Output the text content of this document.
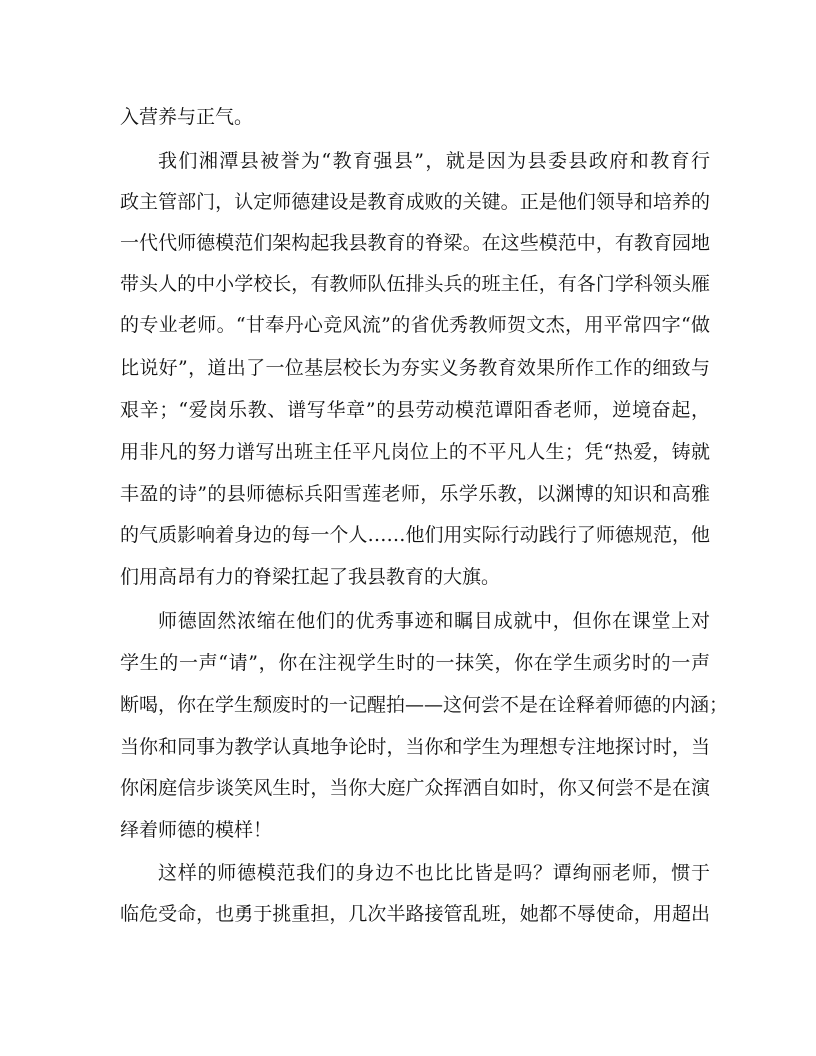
入营养与正气。
我们湘潭县被誉为“教育强县”，就是因为县委县政府和教育行
政主管部门，认定师德建设是教育成败的关键。正是他们领导和培养的
一代代师德模范们架构起我县教育的脊梁。在这些模范中，有教育园地
带头人的中小学校长，有教师队伍排头兵的班主任，有各门学科领头雁
的专业老师。“甘奉丹心竞风流”的省优秀教师贺文杰，用平常四字“做
比说好”，道出了一位基层校长为夯实义务教育效果所作工作的细致与
艰辛；“爱岗乐教、谱写华章”的县劳动模范谭阳香老师，逆境奋起，
用非凡的努力谱写出班主任平凡岗位上的不平凡人生；凭“热爱，铸就
丰盈的诗”的县师德标兵阳雪莲老师，乐学乐教，以渊博的知识和高雅
的气质影响着身边的每一个人……他们用实际行动践行了师德规范，他
们用高昂有力的脊梁扛起了我县教育的大旗。
师德固然浓缩在他们的优秀事迹和瞩目成就中，但你在课堂上对
学生的一声“请”，你在注视学生时的一抹笑，你在学生顽劣时的一声
断喝，你在学生颓废时的一记醒拍——这何尝不是在诠释着师德的内涵；
当你和同事为教学认真地争论时，当你和学生为理想专注地探讨时，当
你闲庭信步谈笑风生时，当你大庭广众挥洒自如时，你又何尝不是在演
绎着师德的模样！
这样的师德模范我们的身边不也比比皆是吗？谭绚丽老师，惯于
临危受命，也勇于挑重担，几次半路接管乱班，她都不辱使命，用超出
